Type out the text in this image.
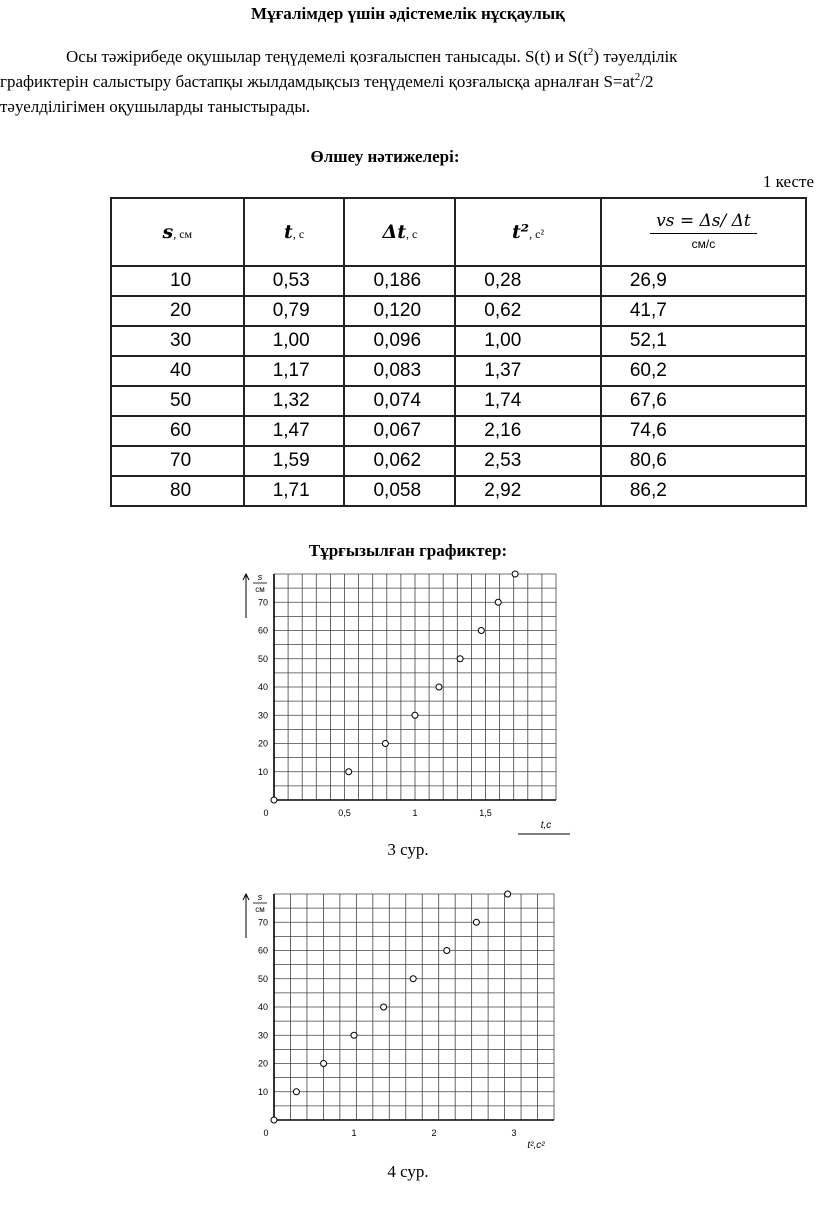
Мұғалімдер үшін әдістемелік нұсқаулық
Осы тәжірибеде оқушылар теңүдемелі қозғалыспен танысады. S(t) и $S(t^2)$ тәуелділік
графиктерін салыстыру бастапқы жылдамдықсыз теңүдемелі қозғалысқа арналған $S=at^2/2$
тәуелділігімен оқушыларды таныстырады.
Өлшеу нәтижелері:
1 кесте
s, см	t, с	Δt, с	t², с²	vs = Δs/ Δt
см/с

10	0,53	0,186	0,28	26,9
20	0,79	0,120	0,62	41,7
30	1,00	0,096	1,00	52,1
40	1,17	0,083	1,37	60,2
50	1,32	0,074	1,74	67,6
60	1,47	0,067	2,16	74,6
70	1,59	0,062	2,53	80,6
80	1,71	0,058	2,92	86,2
Тұрғызылған графиктер:
10
20
30
40
50
60
70
0	0,5	1	1,5
s
см
t,c
3 сур.
10
20
30
40
50
60
70
0	1	2	3
s
см
t²,c²
4 сур.
